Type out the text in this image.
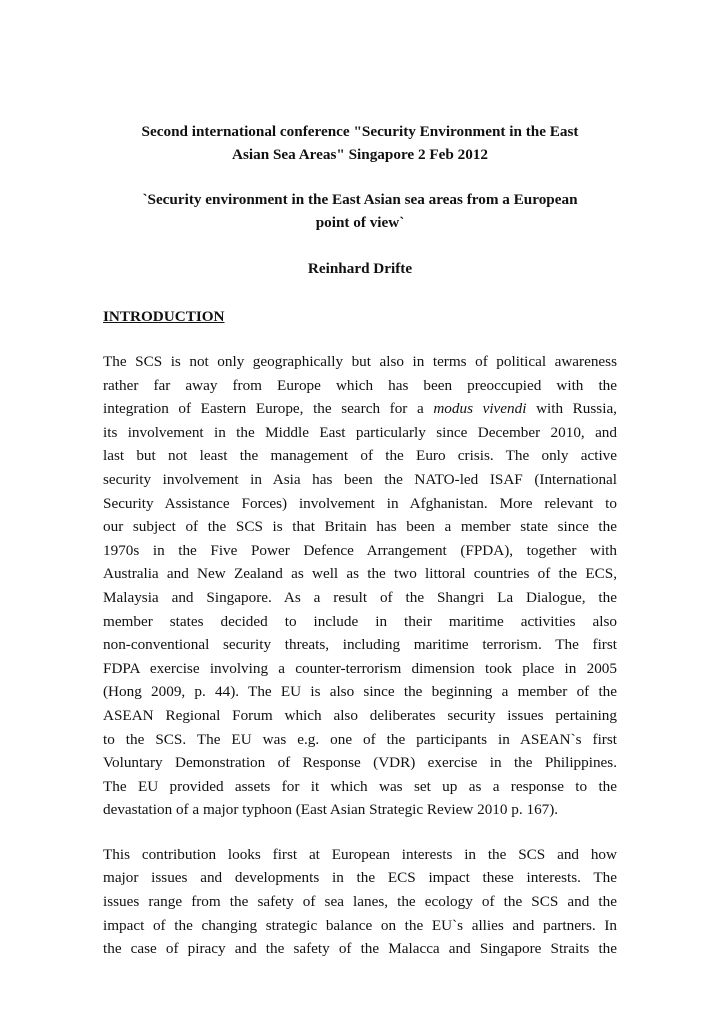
Second international conference "Security Environment in the East
Asian Sea Areas" Singapore 2 Feb 2012

`Security environment in the East Asian sea areas from a European
point of view`

Reinhard Drifte

INTRODUCTION

The SCS is not only geographically but also in terms of political awareness
rather far away from Europe which has been preoccupied with the
integration of Eastern Europe, the search for a modus vivendi with Russia,
its involvement in the Middle East particularly since December 2010, and
last but not least the management of the Euro crisis. The only active
security involvement in Asia has been the NATO-led ISAF (International
Security Assistance Forces) involvement in Afghanistan. More relevant to
our subject of the SCS is that Britain has been a member state since the
1970s in the Five Power Defence Arrangement (FPDA), together with
Australia and New Zealand as well as the two littoral countries of the ECS,
Malaysia and Singapore. As a result of the Shangri La Dialogue, the
member states decided to include in their maritime activities also
non-conventional security threats, including maritime terrorism. The first
FDPA exercise involving a counter-terrorism dimension took place in 2005
(Hong 2009, p. 44). The EU is also since the beginning a member of the
ASEAN Regional Forum which also deliberates security issues pertaining
to the SCS. The EU was e.g. one of the participants in ASEAN`s first
Voluntary Demonstration of Response (VDR) exercise in the Philippines.
The EU provided assets for it which was set up as a response to the
devastation of a major typhoon (East Asian Strategic Review 2010 p. 167).
This contribution looks first at European interests in the SCS and how
major issues and developments in the ECS impact these interests. The
issues range from the safety of sea lanes, the ecology of the SCS and the
impact of the changing strategic balance on the EU`s allies and partners. In
the case of piracy and the safety of the Malacca and Singapore Straits the
